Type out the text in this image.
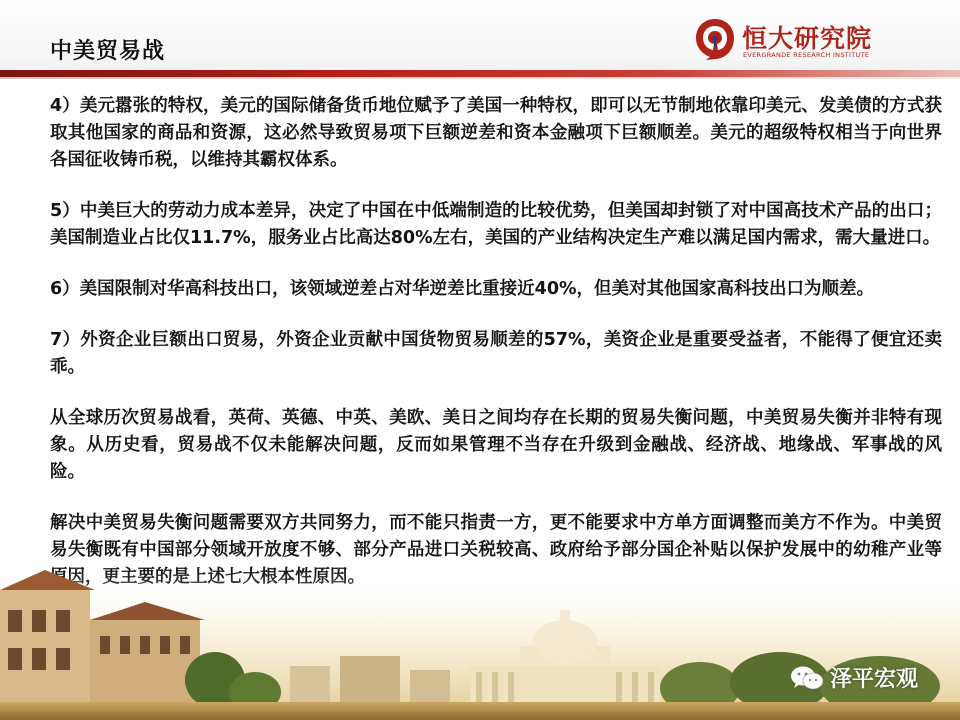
中美贸易战	恒大研究院
EVERGRANDE RESEARCH INSTITUTE

4）美元嚣张的特权，美元的国际储备货币地位赋予了美国一种特权，即可以无节制地依靠印美元、发美债的方式获取其他国家的商品和资源，这必然导致贸易项下巨额逆差和资本金融项下巨额顺差。美元的超级特权相当于向世界各国征收铸币税，以维持其霸权体系。

5）中美巨大的劳动力成本差异，决定了中国在中低端制造的比较优势，但美国却封锁了对中国高技术产品的出口；美国制造业占比仅11.7%，服务业占比高达80%左右，美国的产业结构决定生产难以满足国内需求，需大量进口。

6）美国限制对华高科技出口，该领域逆差占对华逆差比重接近40%，但美对其他国家高科技出口为顺差。

7）外资企业巨额出口贸易，外资企业贡献中国货物贸易顺差的57%，美资企业是重要受益者，不能得了便宜还卖乖。

从全球历次贸易战看，英荷、英德、中英、美欧、美日之间均存在长期的贸易失衡问题，中美贸易失衡并非特有现象。从历史看，贸易战不仅未能解决问题，反而如果管理不当存在升级到金融战、经济战、地缘战、军事战的风险。

解决中美贸易失衡问题需要双方共同努力，而不能只指责一方，更不能要求中方单方面调整而美方不作为。中美贸易失衡既有中国部分领域开放度不够、部分产品进口关税较高、政府给予部分国企补贴以保护发展中的幼稚产业等

泽平宏观
